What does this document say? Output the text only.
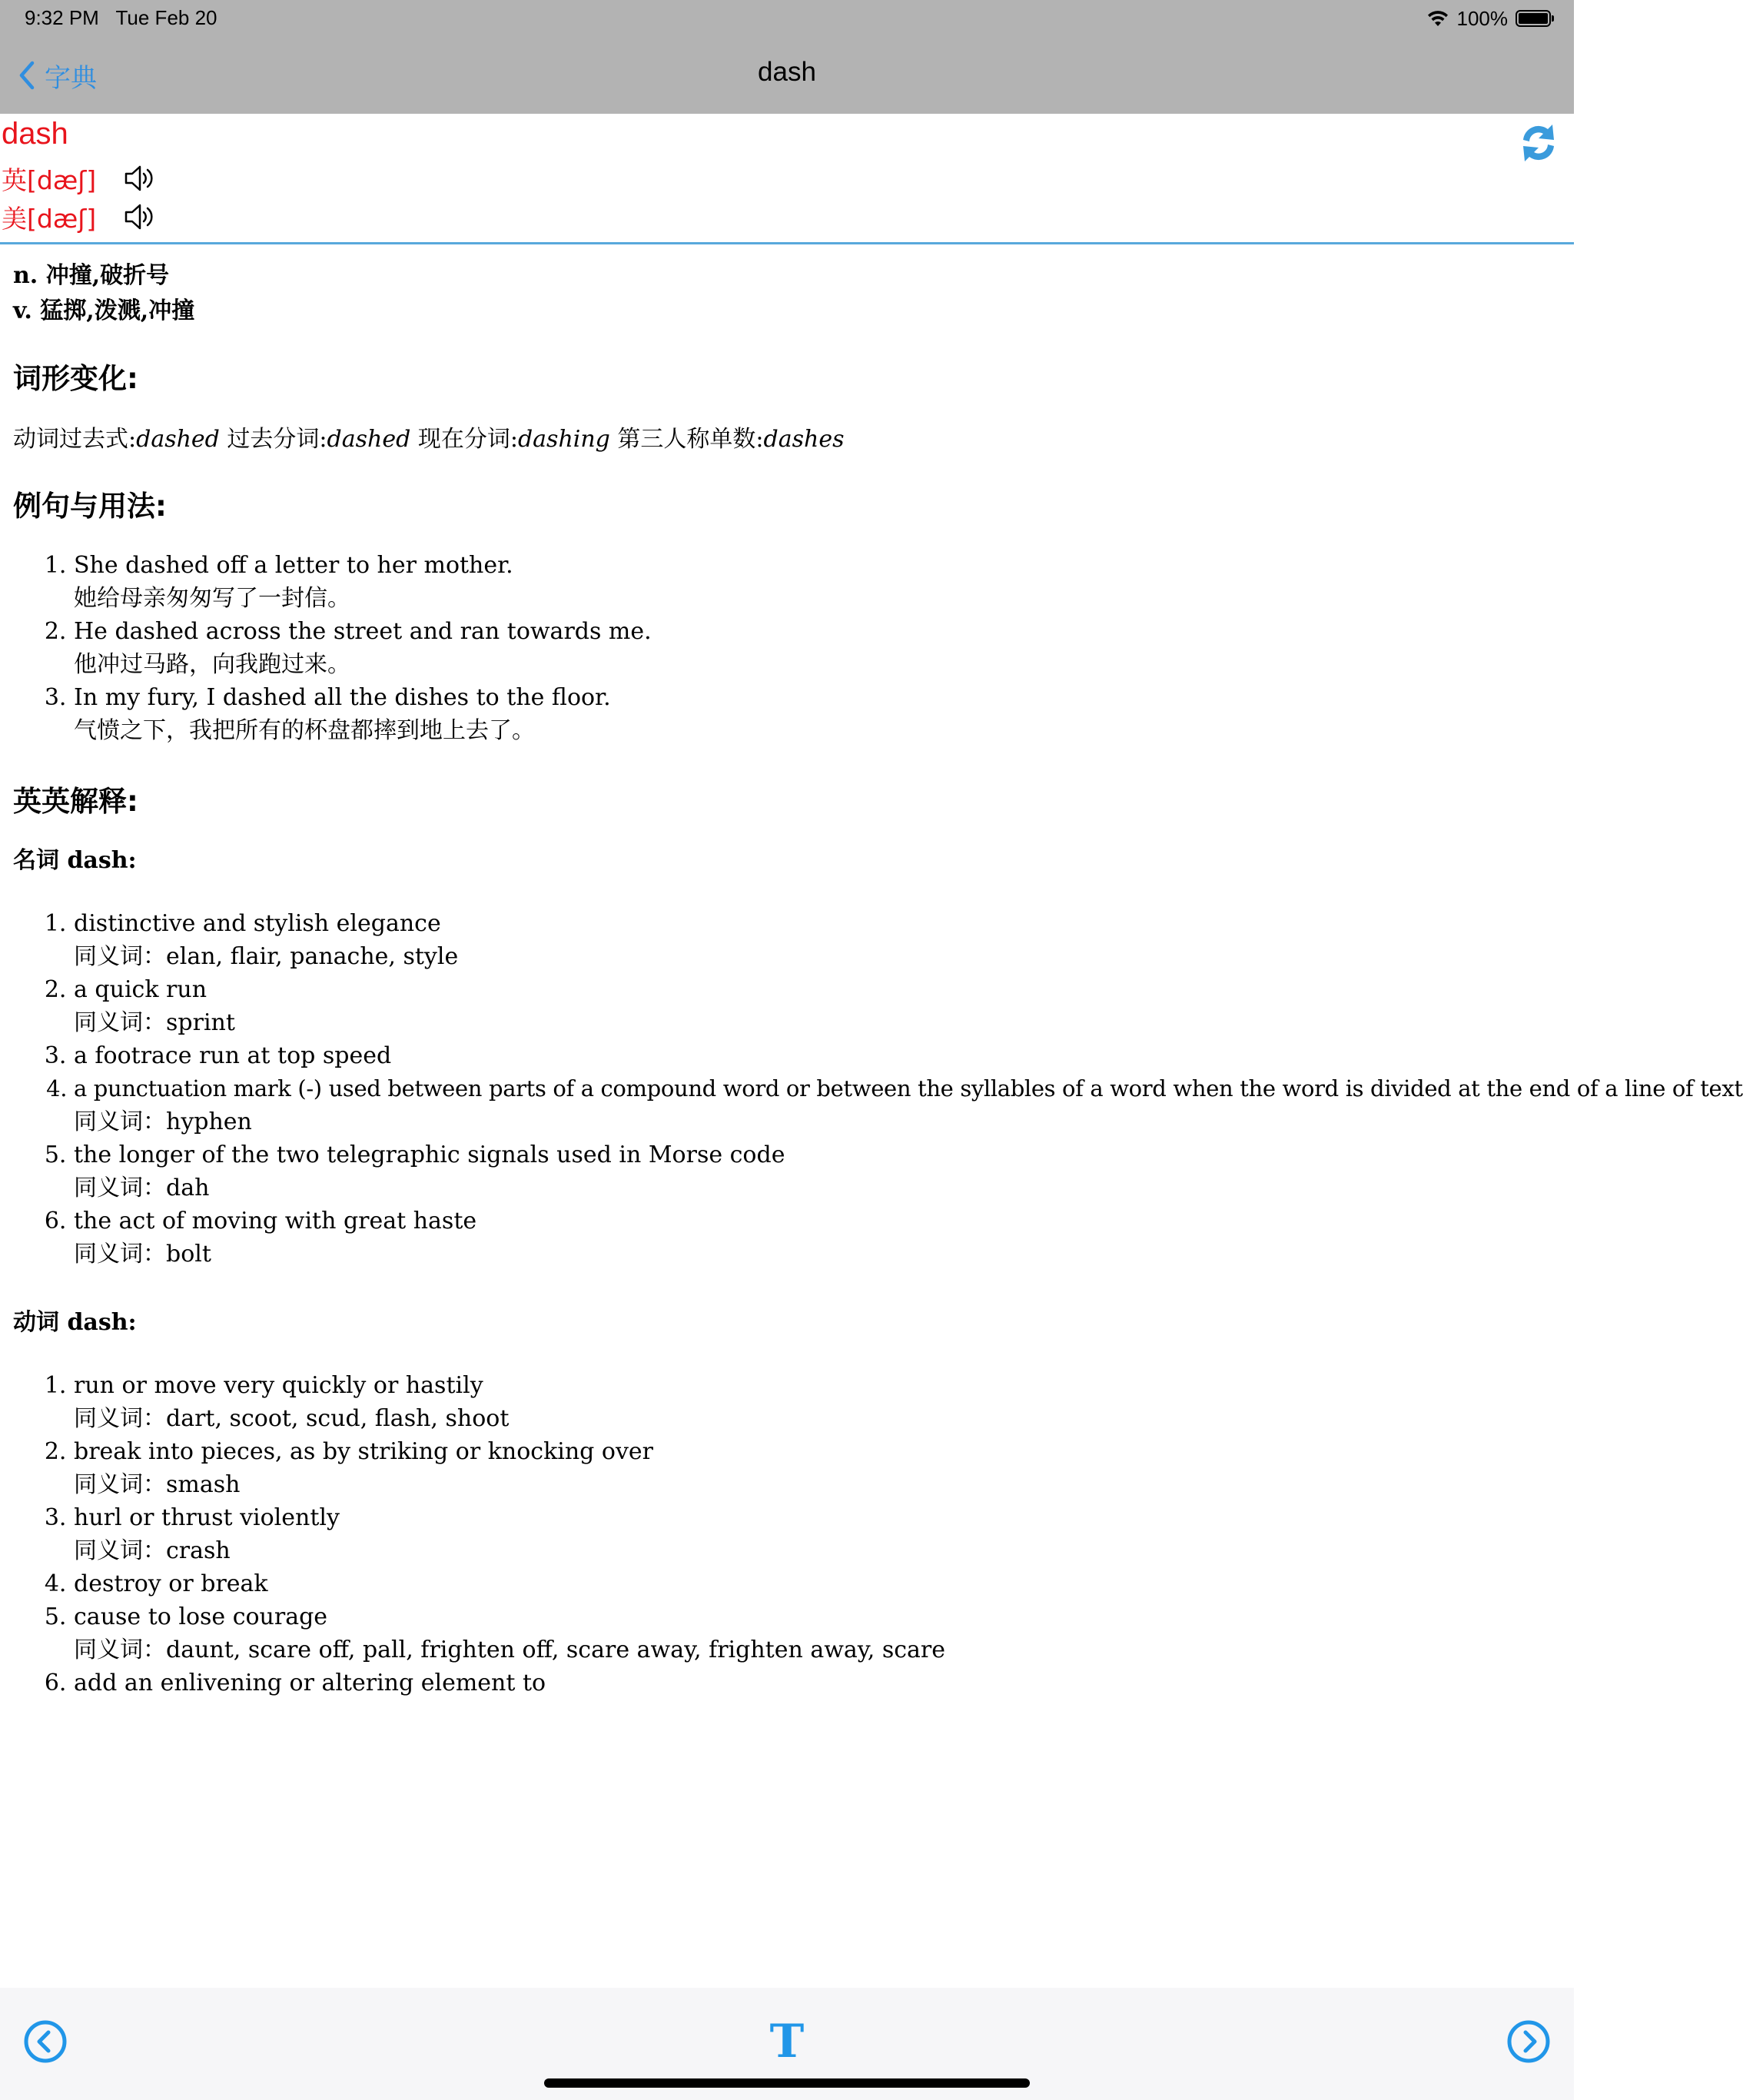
9:32 PM Tue Feb 20	100%
字典	dash
dash
英[dæʃ]
美[dæʃ]
n. 冲撞,破折号
v. 猛掷,泼溅,冲撞
词形变化:
动词过去式:dashed 过去分词:dashed 现在分词:dashing 第三人称单数:dashes
例句与用法:
1. She dashed off a letter to her mother.
她给母亲匆匆写了一封信。
2. He dashed across the street and ran towards me.
他冲过马路，向我跑过来。
3. In my fury, I dashed all the dishes to the floor.
气愤之下，我把所有的杯盘都摔到地上去了。
英英解释:
名词 dash:
1. distinctive and stylish elegance
同义词：elan, flair, panache, style
2. a quick run
同义词：sprint
3. a footrace run at top speed
4. a punctuation mark (-) used between parts of a compound word or between the syllables of a word when the word is divided at the end of a line of text
同义词：hyphen
5. the longer of the two telegraphic signals used in Morse code
同义词：dah
6. the act of moving with great haste
同义词：bolt
动词 dash:
1. run or move very quickly or hastily
同义词：dart, scoot, scud, flash, shoot
2. break into pieces, as by striking or knocking over
同义词：smash
3. hurl or thrust violently
同义词：crash
4. destroy or break
5. cause to lose courage
同义词：daunt, scare off, pall, frighten off, scare away, frighten away, scare
6. add an enlivening or altering element to
T
